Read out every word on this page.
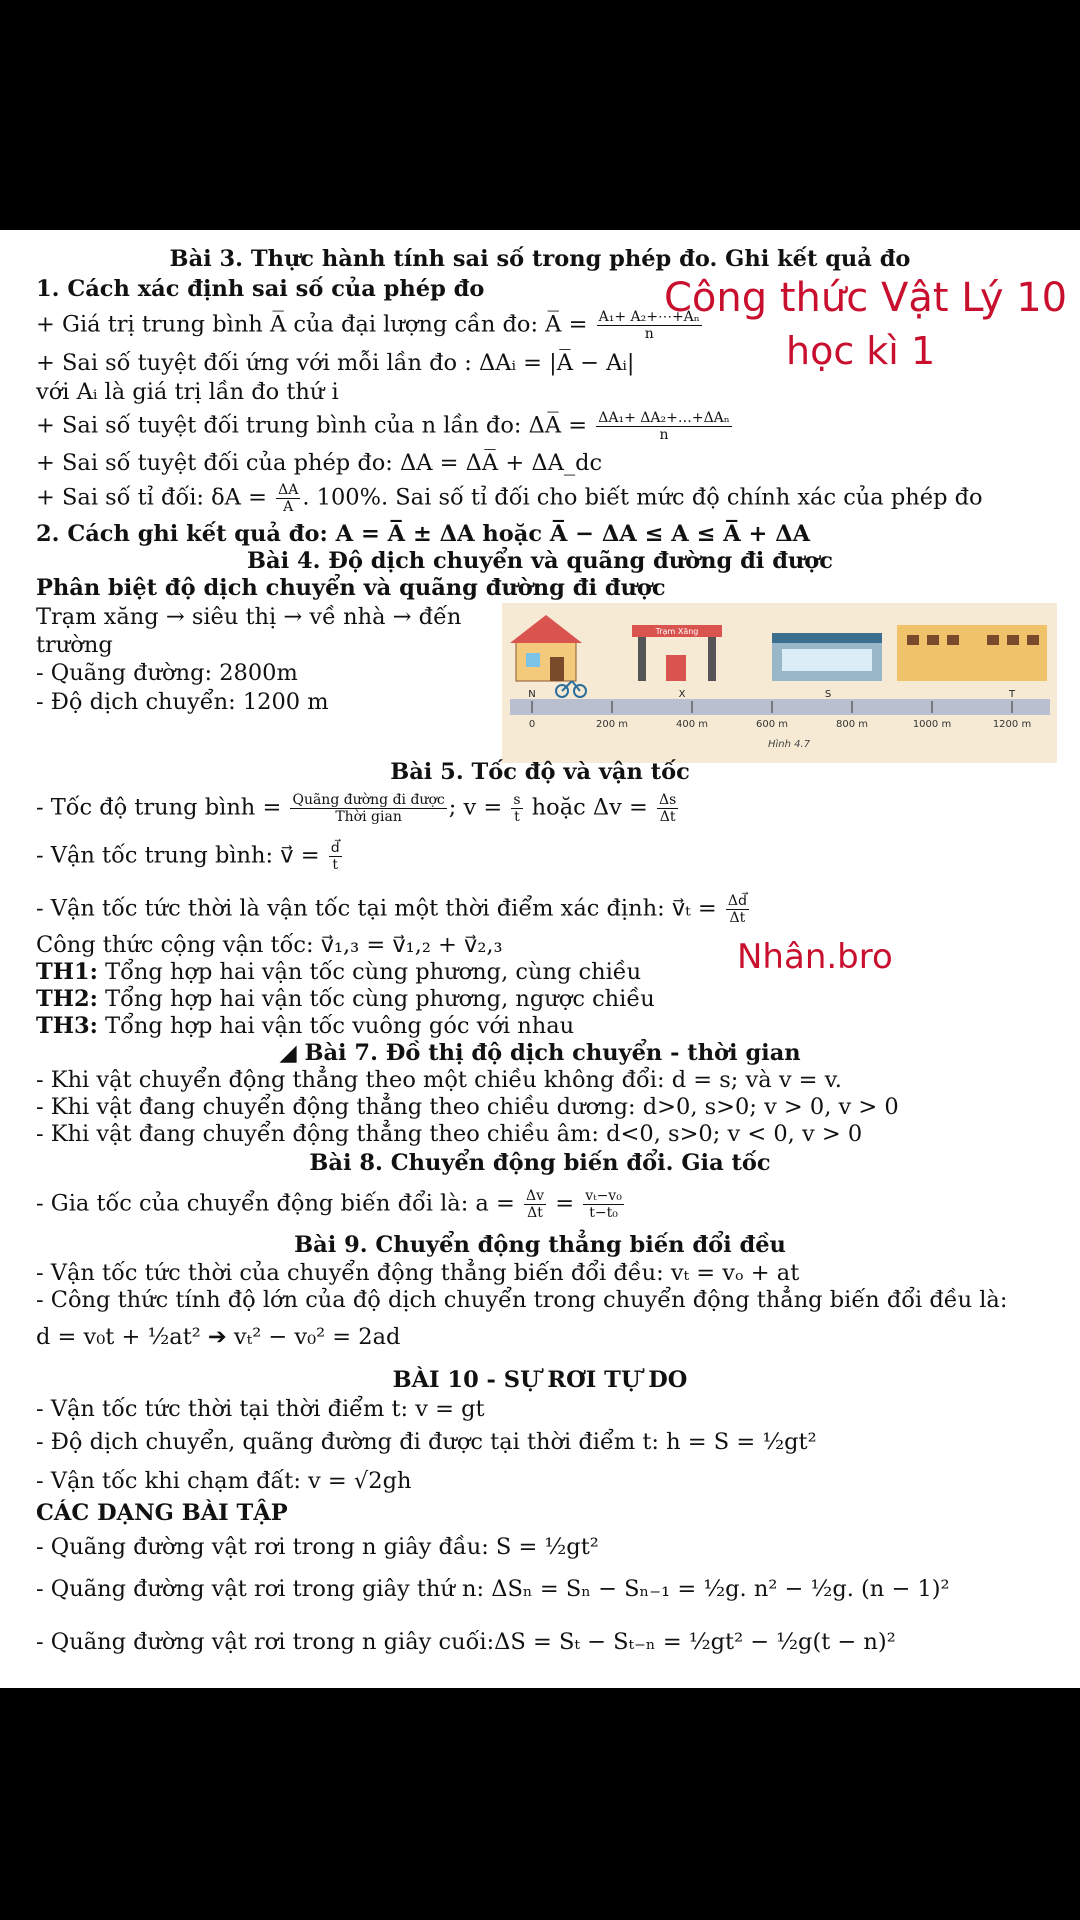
Bài 3. Thực hành tính sai số trong phép đo. Ghi kết quả đo
1. Cách xác định sai số của phép đo
+ Giá trị trung bình A̅ của đại lượng cần đo: A̅ = $\frac{\text{A₁+ A₂+⋯+Aₙ}}{n}$
+ Sai số tuyệt đối ứng với mỗi lần đo : ΔAᵢ = |A̅ − Aᵢ|
với Aᵢ là giá trị lần đo thứ i
+ Sai số tuyệt đối trung bình của n lần đo: ΔA̅ = $\frac{\text{ΔA₁+ ΔA₂+…+ΔAₙ}}{n}$
+ Sai số tuyệt đối của phép đo: ΔA = ΔA̅ + ΔA_dc
+ Sai số tỉ đối: $\delta A = \frac{\Delta A}{A̅}$ . 100%. Sai số tỉ đối cho biết mức độ chính xác của phép đo
2. Cách ghi kết quả đo: A = A̅ ± ΔA hoặc A̅ − ΔA ≤ A ≤ A̅ + ΔA
Bài 4. Độ dịch chuyển và quãng đường đi được
Phân biệt độ dịch chuyển và quãng đường đi được
Trạm xăng → siêu thị → về nhà → đến
trường
- Quãng đường: 2800m
- Độ dịch chuyển: 1200 m
Trạm Xăng
0	200 m	400 m	600 m	800 m	1000 m	1200 m
N	X	S	T
Hình 4.7
Bài 5. Tốc độ và vận tốc
- Tốc độ trung bình = $\frac{\text{Quãng đường đi được}}{\text{Thời gian}}$ ; $v = \frac{s}{t}$ hoặc $\Delta v = \frac{\Delta s}{\Delta t}$
- Vận tốc trung bình: v⃗ = $\frac{d⃗}{t}$
- Vận tốc tức thời là vận tốc tại một thời điểm xác định: v⃗ₜ = $\frac{\Delta d⃗}{\Delta t}$
Công thức cộng vận tốc: v⃗₁,₃ = v⃗₁,₂ + v⃗₂,₃
TH1: Tổng hợp hai vận tốc cùng phương, cùng chiều
TH2: Tổng hợp hai vận tốc cùng phương, ngược chiều
TH3: Tổng hợp hai vận tốc vuông góc với nhau
◢ Bài 7. Đồ thị độ dịch chuyển - thời gian
- Khi vật chuyển động thẳng theo một chiều không đổi: d = s; và v = v.
- Khi vật đang chuyển động thẳng theo chiều dương: d>0, s>0; v > 0, v > 0
- Khi vật đang chuyển động thẳng theo chiều âm: d<0, s>0; v < 0, v > 0
Bài 8. Chuyển động biến đổi. Gia tốc
- Gia tốc của chuyển động biến đổi là: $a = \frac{\Delta v}{\Delta t} = \frac{\text{vₜ−v₀}}{\text{t−t₀}}$
Bài 9. Chuyển động thẳng biến đổi đều
- Vận tốc tức thời của chuyển động thẳng biến đổi đều: vₜ = vₒ + at
- Công thức tính độ lớn của độ dịch chuyển trong chuyển động thẳng biến đổi đều là:
d = v₀t + ½at² ➔ vₜ² − v₀² = 2ad
BÀI 10 - SỰ RƠI TỰ DO
- Vận tốc tức thời tại thời điểm t: v = gt
- Độ dịch chuyển, quãng đường đi được tại thời điểm t: h = S = ½gt²
- Vận tốc khi chạm đất: v = √2gh
CÁC DẠNG BÀI TẬP
- Quãng đường vật rơi trong n giây đầu: S = ½gt²
- Quãng đường vật rơi trong giây thứ n: ΔSₙ = Sₙ − Sₙ₋₁ = ½g. n² − ½g. (n − 1)²
- Quãng đường vật rơi trong n giây cuối:ΔS = Sₜ − Sₜ₋ₙ = ½gt² − ½g(t − n)²
Công thức Vật Lý 10
học kì 1
Nhân.bro
